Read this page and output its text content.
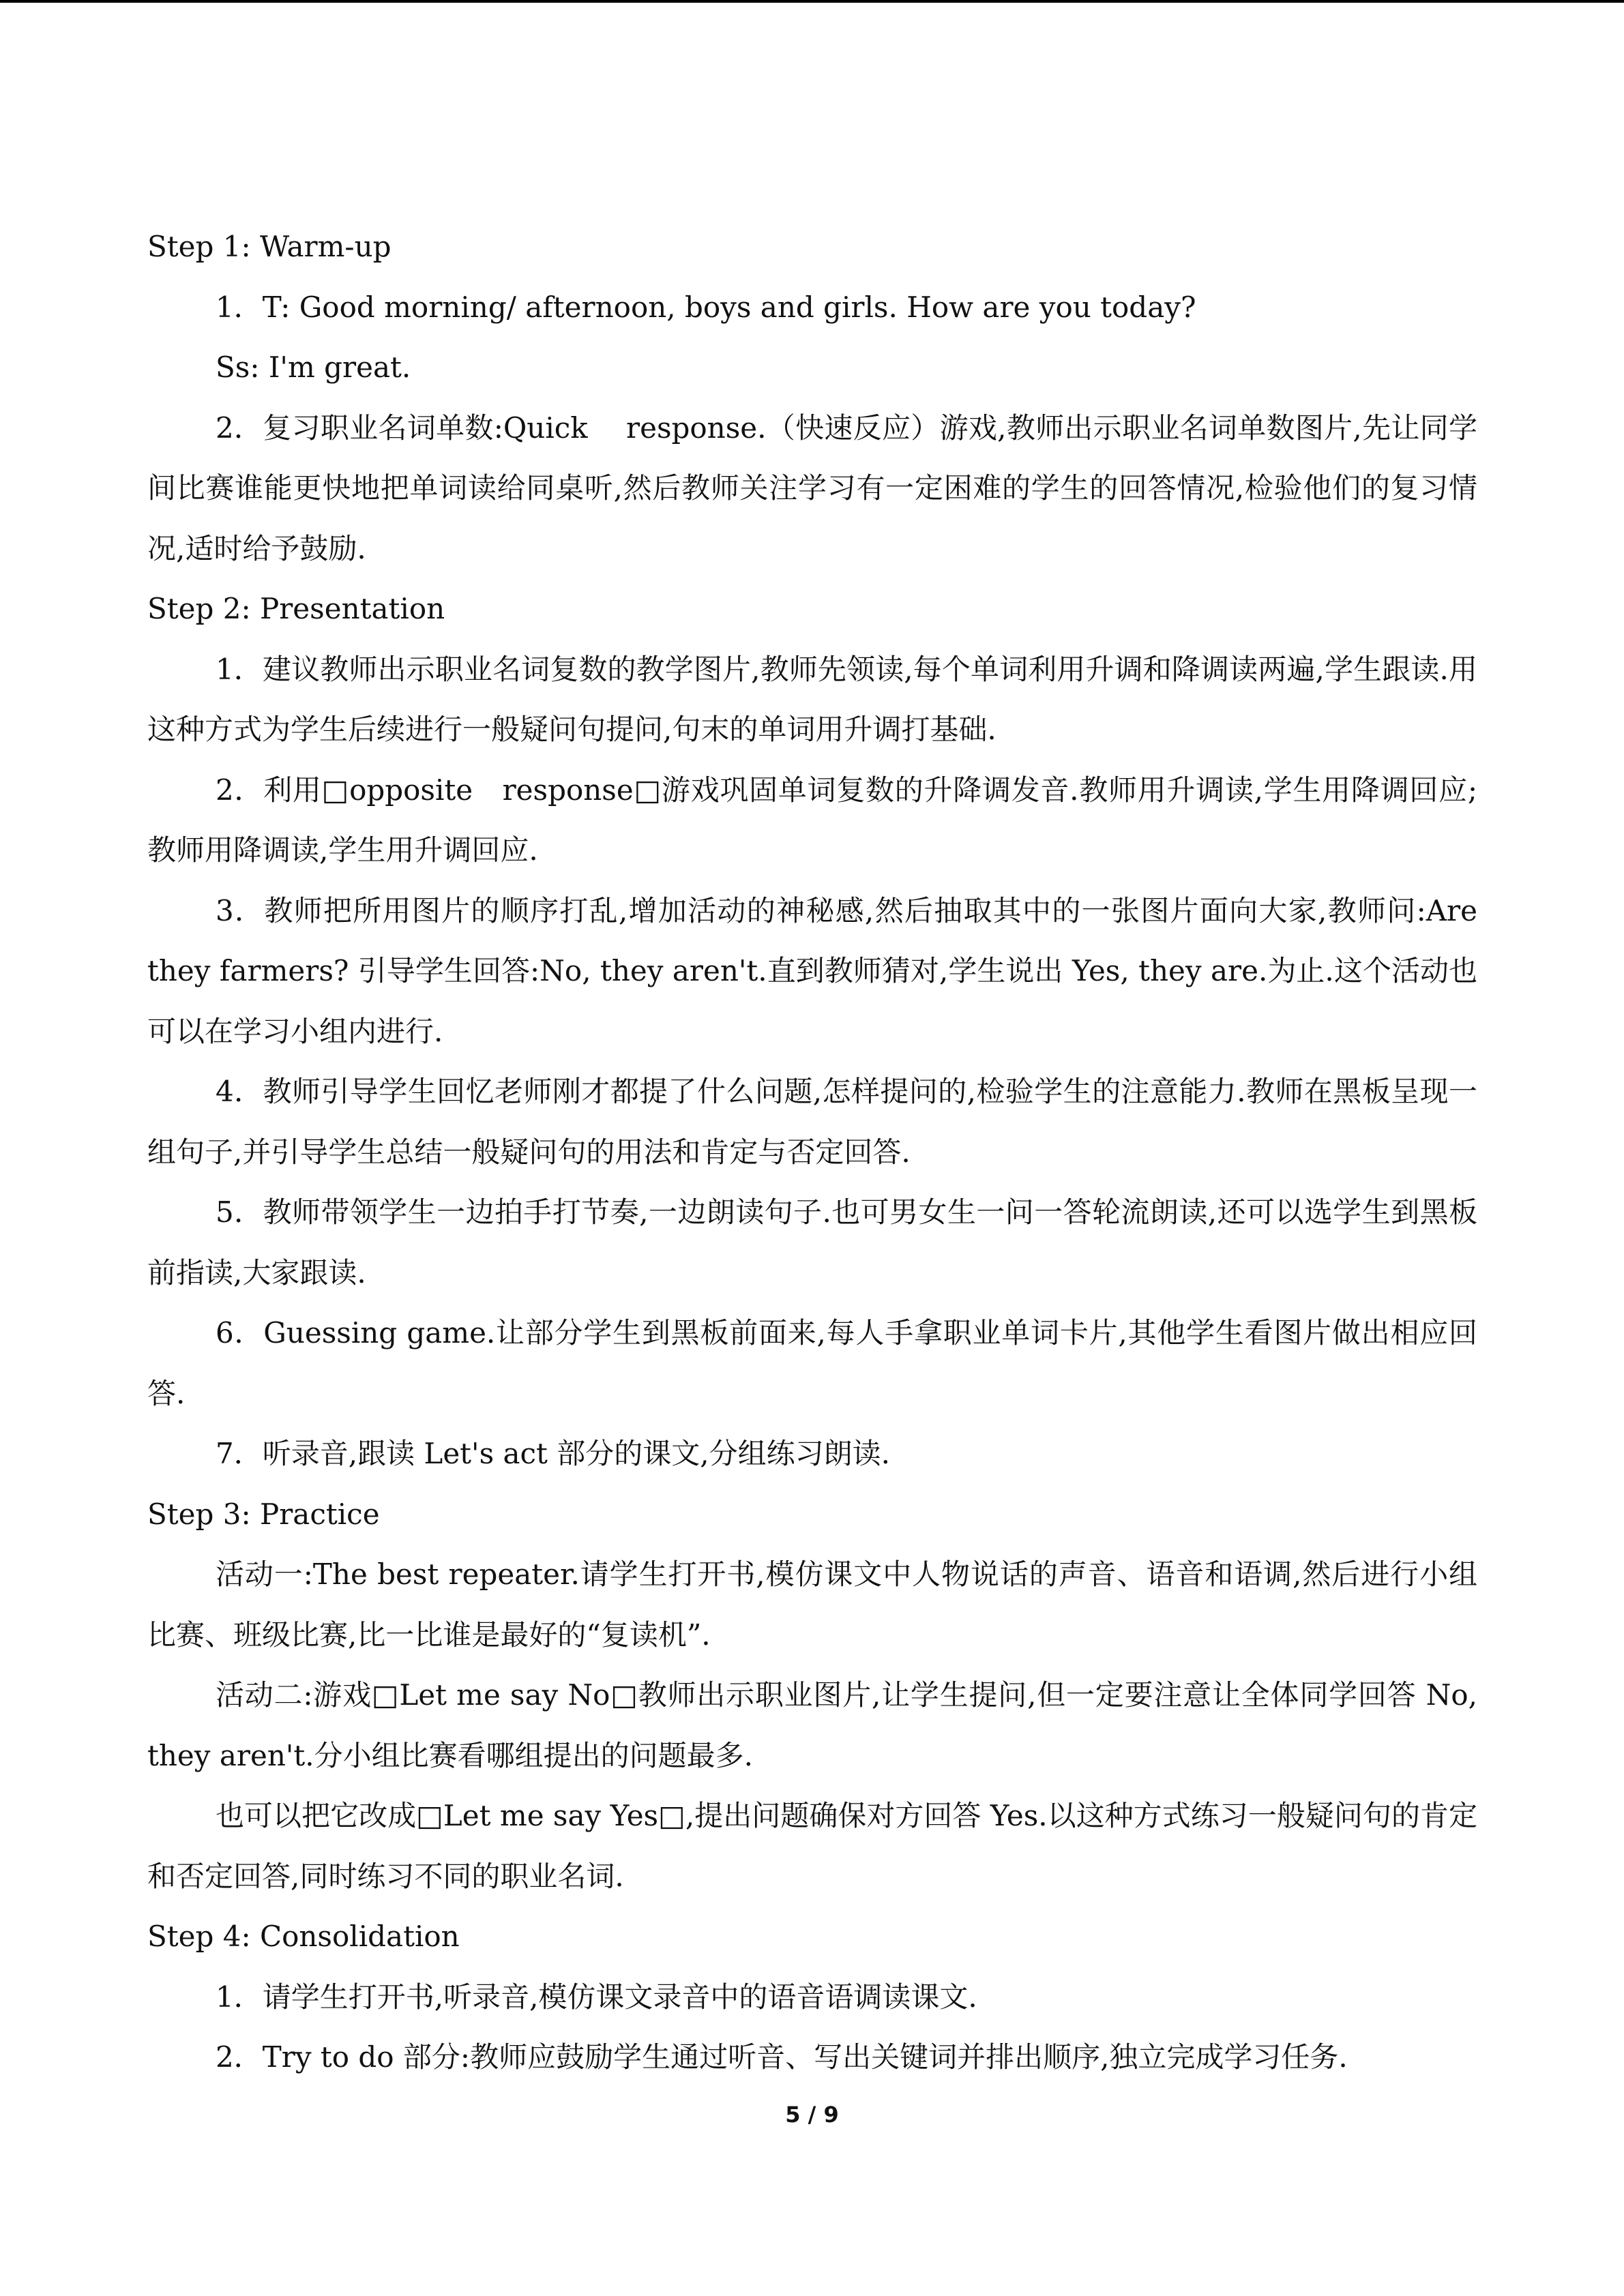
Step 1: Warm-up

1．T: Good morning/ afternoon, boys and girls. How are you today?

Ss: I'm great.

2．复习职业名词单数:Quick　 response.（快速反应）游戏,教师出示职业名词单数图片,先让同学间比赛谁能更快地把单词读给同桌听,然后教师关注学习有一定困难的学生的回答情况,检验他们的复习情况,适时给予鼓励.

Step 2: Presentation

1．建议教师出示职业名词复数的教学图片,教师先领读,每个单词利用升调和降调读两遍,学生跟读.用这种方式为学生后续进行一般疑问句提问,句末的单词用升调打基础.

2．利用□opposite　response□游戏巩固单词复数的升降调发音.教师用升调读,学生用降调回应;教师用降调读,学生用升调回应.

3．教师把所用图片的顺序打乱,增加活动的神秘感,然后抽取其中的一张图片面向大家,教师问:Are they farmers? 引导学生回答:No, they aren't.直到教师猜对,学生说出 Yes, they are.为止.这个活动也可以在学习小组内进行.

4．教师引导学生回忆老师刚才都提了什么问题,怎样提问的,检验学生的注意能力.教师在黑板呈现一组句子,并引导学生总结一般疑问句的用法和肯定与否定回答.

5．教师带领学生一边拍手打节奏,一边朗读句子.也可男女生一问一答轮流朗读,还可以选学生到黑板前指读,大家跟读.

6．Guessing game.让部分学生到黑板前面来,每人手拿职业单词卡片,其他学生看图片做出相应回答.

7．听录音,跟读 Let's act 部分的课文,分组练习朗读.

Step 3: Practice

活动一:The best repeater.请学生打开书,模仿课文中人物说话的声音、语音和语调,然后进行小组比赛、班级比赛,比一比谁是最好的“复读机”.

活动二:游戏□Let me say No□教师出示职业图片,让学生提问,但一定要注意让全体同学回答 No, they aren't.分小组比赛看哪组提出的问题最多.

也可以把它改成□Let me say Yes□,提出问题确保对方回答 Yes.以这种方式练习一般疑问句的肯定和否定回答,同时练习不同的职业名词.

Step 4: Consolidation

1．请学生打开书,听录音,模仿课文录音中的语音语调读课文.

2．Try to do 部分:教师应鼓励学生通过听音、写出关键词并排出顺序,独立完成学习任务.

5 / 9
